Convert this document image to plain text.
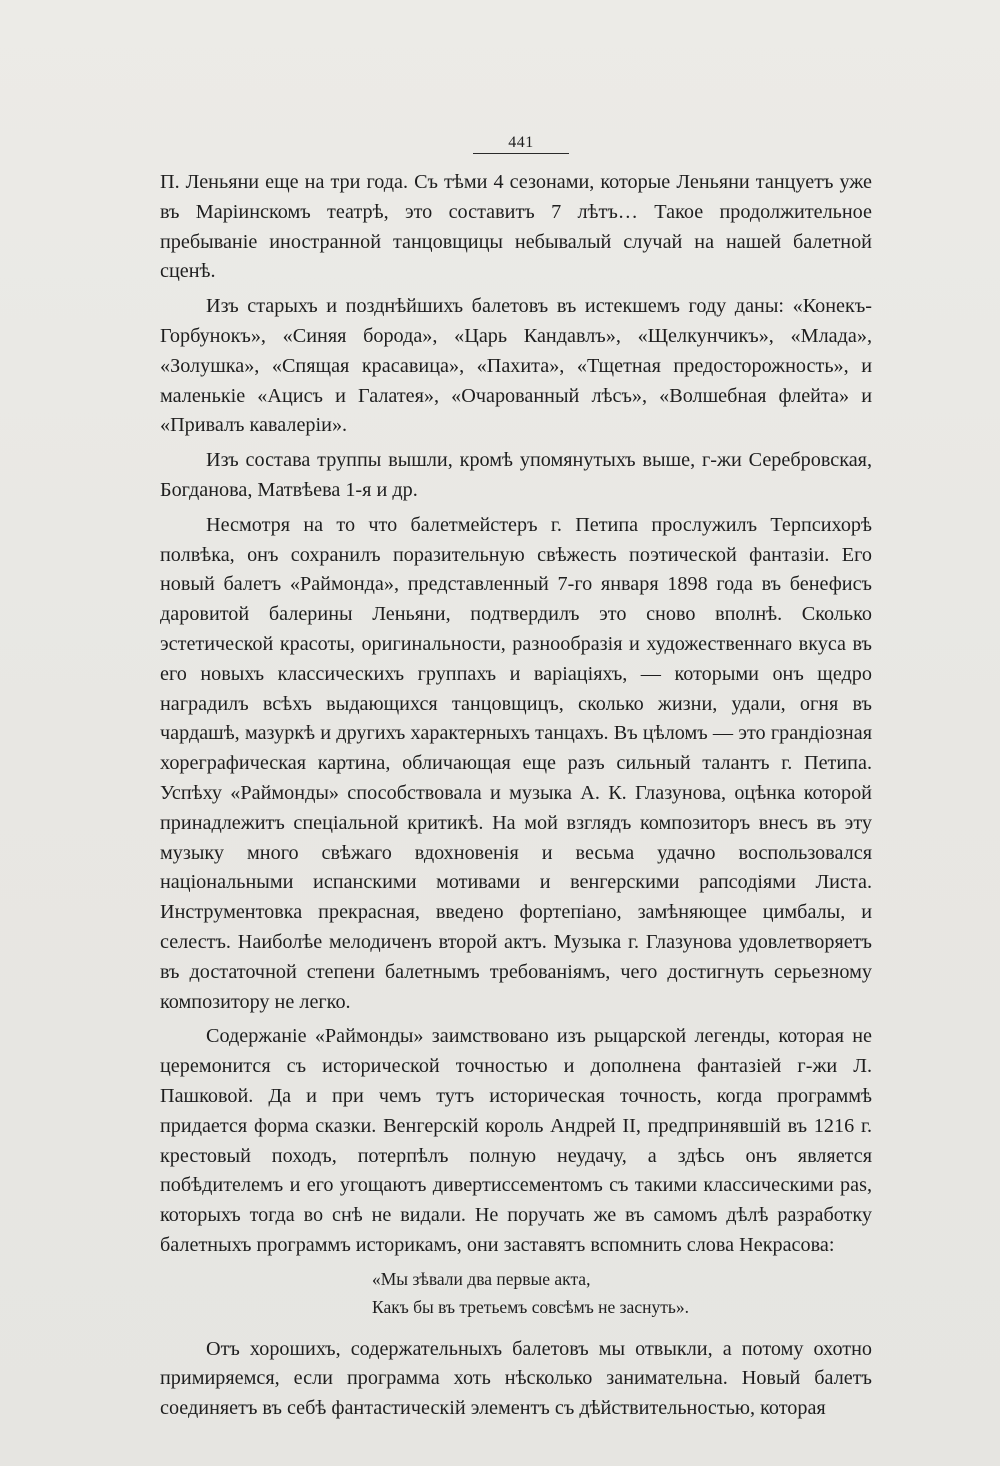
441

П. Леньяни еще на три года. Съ тѣми 4 сезонами, которые Леньяни танцуетъ уже въ Маріинскомъ театрѣ, это составитъ 7 лѣтъ… Такое продолжительное пребываніе иностранной танцовщицы небывалый случай на нашей балетной сценѣ.

Изъ старыхъ и позднѣйшихъ балетовъ въ истекшемъ году даны: «Конекъ-Горбунокъ», «Синяя борода», «Царь Кандавлъ», «Щелкунчикъ», «Млада», «Золушка», «Спящая красавица», «Пахита», «Тщетная предосторожность», и маленькіе «Ацисъ и Галатея», «Очарованный лѣсъ», «Волшебная флейта» и «Привалъ кавалеріи».

Изъ состава труппы вышли, кромѣ упомянутыхъ выше, г-жи Серебровская, Богданова, Матвѣева 1-я и др.

Несмотря на то что балетмейстеръ г. Петипа прослужилъ Терпсихорѣ полвѣка, онъ сохранилъ поразительную свѣжесть поэтической фантазіи. Его новый балетъ «Раймонда», представленный 7-го января 1898 года въ бенефисъ даровитой балерины Леньяни, подтвердилъ это сново вполнѣ. Сколько эстетической красоты, оригинальности, разнообразія и художественнаго вкуса въ его новыхъ классическихъ группахъ и варіаціяхъ, — которыми онъ щедро наградилъ всѣхъ выдающихся танцовщицъ, сколько жизни, удали, огня въ чардашѣ, мазуркѣ и другихъ характерныхъ танцахъ. Въ цѣломъ — это грандіозная хореграфическая картина, обличающая еще разъ сильный талантъ г. Петипа. Успѣху «Раймонды» способствовала и музыка А. К. Глазунова, оцѣнка которой принадлежитъ спеціальной критикѣ. На мой взглядъ композиторъ внесъ въ эту музыку много свѣжаго вдохновенія и весьма удачно воспользовался національными испанскими мотивами и венгерскими рапсодіями Листа. Инструментовка прекрасная, введено фортепіано, замѣняющее цимбалы, и селестъ. Наиболѣе мелодиченъ второй актъ. Музыка г. Глазунова удовлетворяетъ въ достаточной степени балетнымъ требованіямъ, чего достигнуть серьезному композитору не легко.

Содержаніе «Раймонды» заимствовано изъ рыцарской легенды, которая не церемонится съ исторической точностью и дополнена фантазіей г-жи Л. Пашковой. Да и при чемъ тутъ историческая точность, когда программѣ придается форма сказки. Венгерскій король Андрей II, предпринявшій въ 1216 г. крестовый походъ, потерпѣлъ полную неудачу, а здѣсь онъ является побѣдителемъ и его угощаютъ дивертиссементомъ съ такими классическими pas, которыхъ тогда во снѣ не видали. Не поручать же въ самомъ дѣлѣ разработку балетныхъ программъ историкамъ, они заставятъ вспомнить слова Некрасова:

«Мы зѣвали два первые акта,
Какъ бы въ третьемъ совсѣмъ не заснуть».

Отъ хорошихъ, содержательныхъ балетовъ мы отвыкли, а потому охотно примиряемся, если программа хоть нѣсколько занимательна. Новый балетъ соединяетъ въ себѣ фантастическій элементъ съ дѣйствительностью, которая
